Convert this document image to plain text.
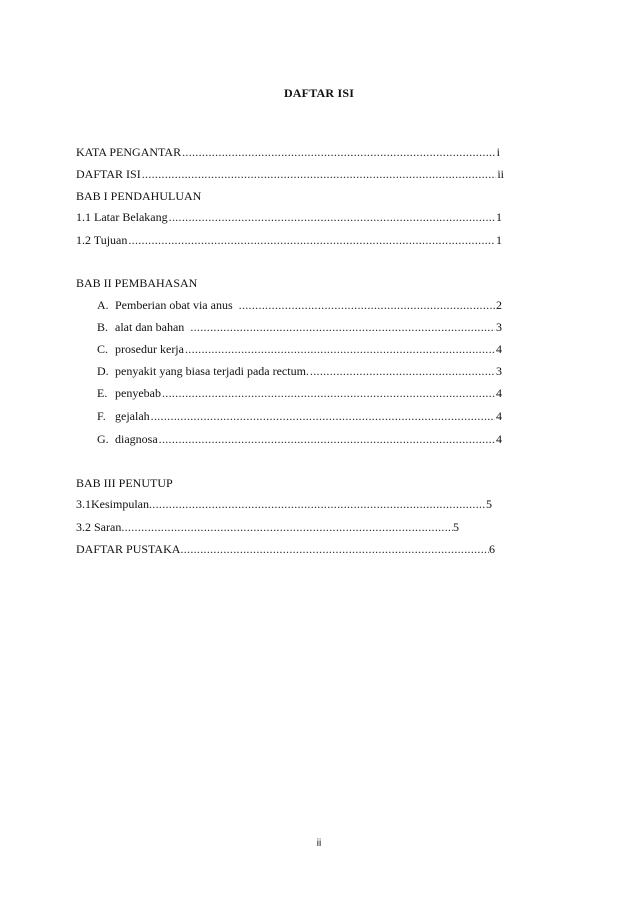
DAFTAR ISI
KATA PENGANTAR .....	i
DAFTAR ISI .....	ii
BAB I PENDAHULUAN
1.1 Latar Belakang .....	1
1.2 Tujuan .....	1
BAB II PEMBAHASAN
A. Pemberian obat via anus .....	2
B. alat dan bahan .....	3
C. prosedur kerja .....	4
D. penyakit yang biasa terjadi pada rectum. .....	3
E. penyebab .....	4
F. gejalah .....	4
G. diagnosa .....	4
BAB III PENUTUP
3.1Kesimpulan .....	5
3.2 Saran .....	5
DAFTAR PUSTAKA .....	6
ii
